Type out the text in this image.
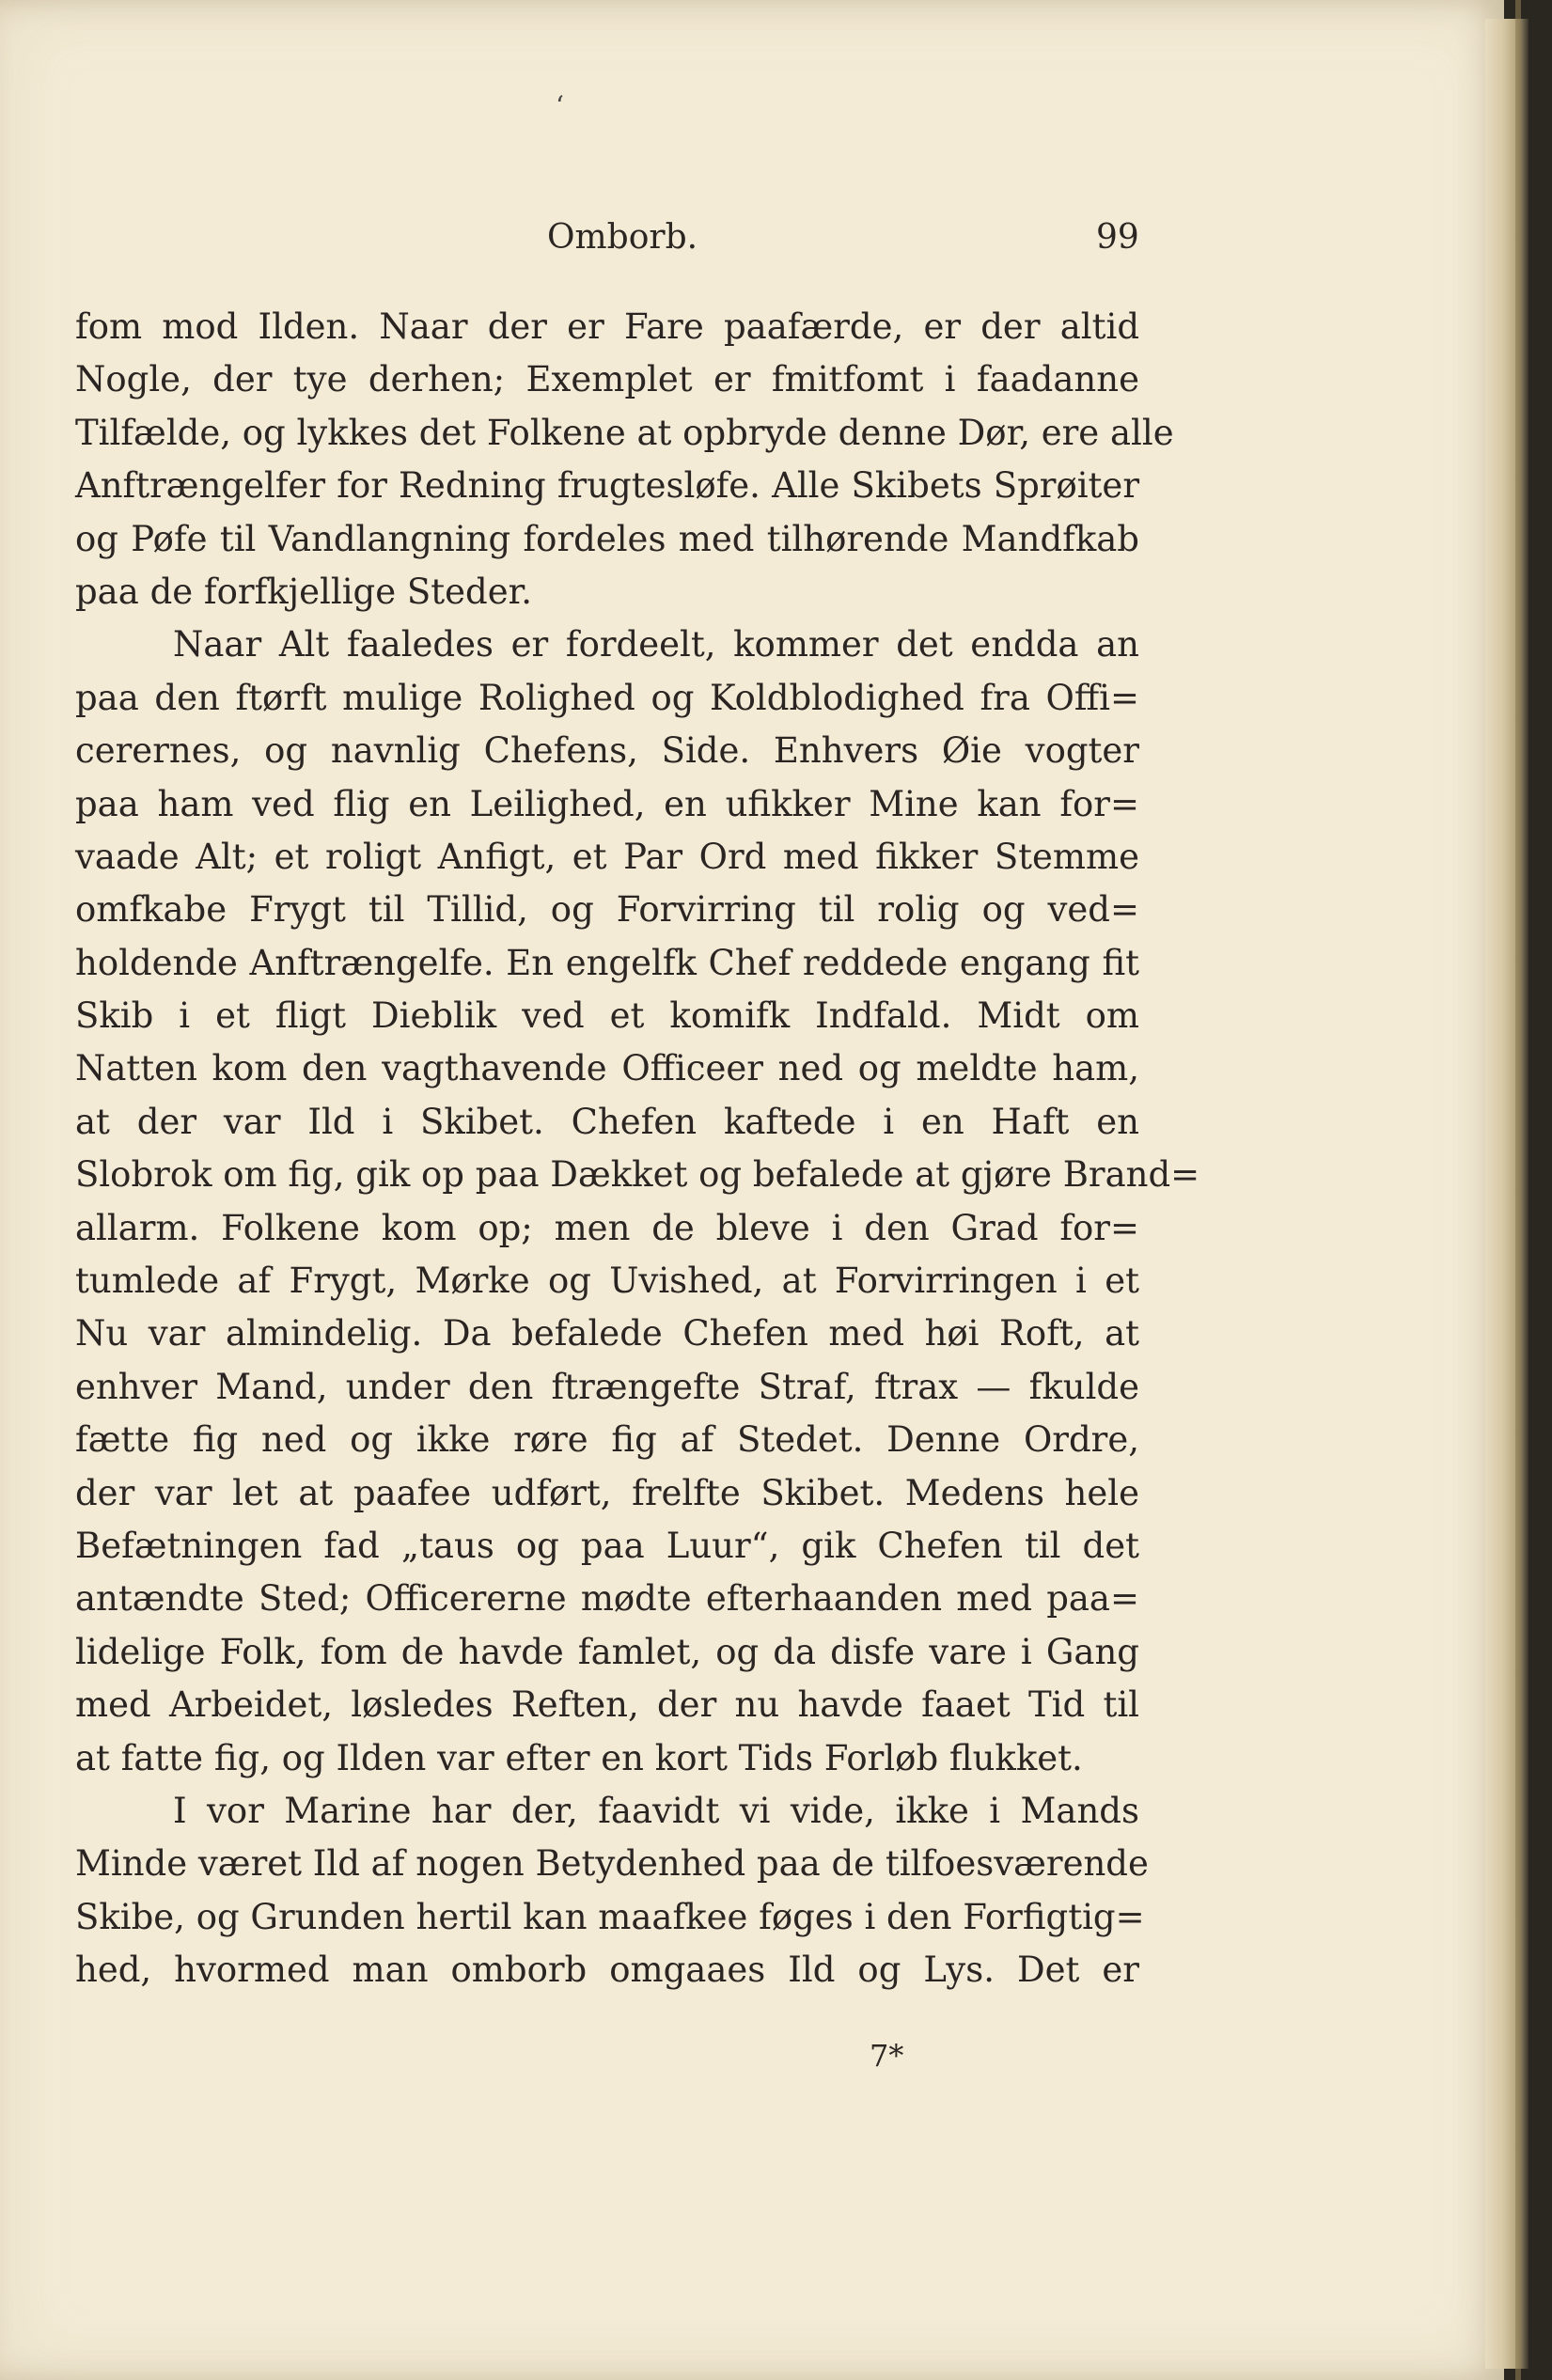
ʻ
Omborb.	99
fom mod Ilden. Naar der er Fare paafærde, er der altid
Nogle, der tye derhen; Exemplet er fmitfomt i faadanne
Tilfælde, og lykkes det Folkene at opbryde denne Dør, ere alle
Anftrængelfer for Redning frugtesløfe. Alle Skibets Sprøiter
og Pøfe til Vandlangning fordeles med tilhørende Mandfkab
paa de forfkjellige Steder.
Naar Alt faaledes er fordeelt, kommer det endda an
paa den ftørft mulige Rolighed og Koldblodighed fra Offi=
cerernes, og navnlig Chefens, Side. Enhvers Øie vogter
paa ham ved flig en Leilighed, en ufikker Mine kan for=
vaade Alt; et roligt Anfigt, et Par Ord med fikker Stemme
omfkabe Frygt til Tillid, og Forvirring til rolig og ved=
holdende Anftrængelfe. En engelfk Chef reddede engang fit
Skib i et fligt Dieblik ved et komifk Indfald. Midt om
Natten kom den vagthavende Officeer ned og meldte ham,
at der var Ild i Skibet. Chefen kaftede i en Haft en
Slobrok om fig, gik op paa Dækket og befalede at gjøre Brand=
allarm. Folkene kom op; men de bleve i den Grad for=
tumlede af Frygt, Mørke og Uvished, at Forvirringen i et
Nu var almindelig. Da befalede Chefen med høi Roft, at
enhver Mand, under den ftrængefte Straf, ftrax — fkulde
fætte fig ned og ikke røre fig af Stedet. Denne Ordre,
der var let at paafee udført, frelfte Skibet. Medens hele
Befætningen fad „taus og paa Luur“, gik Chefen til det
antændte Sted; Officererne mødte efterhaanden med paa=
lidelige Folk, fom de havde famlet, og da disfe vare i Gang
med Arbeidet, løsledes Reften, der nu havde faaet Tid til
at fatte fig, og Ilden var efter en kort Tids Forløb flukket.
I vor Marine har der, faavidt vi vide, ikke i Mands
Minde været Ild af nogen Betydenhed paa de tilfoesværende
Skibe, og Grunden hertil kan maafkee føges i den Forfigtig=
hed, hvormed man omborb omgaaes Ild og Lys. Det er
7*
